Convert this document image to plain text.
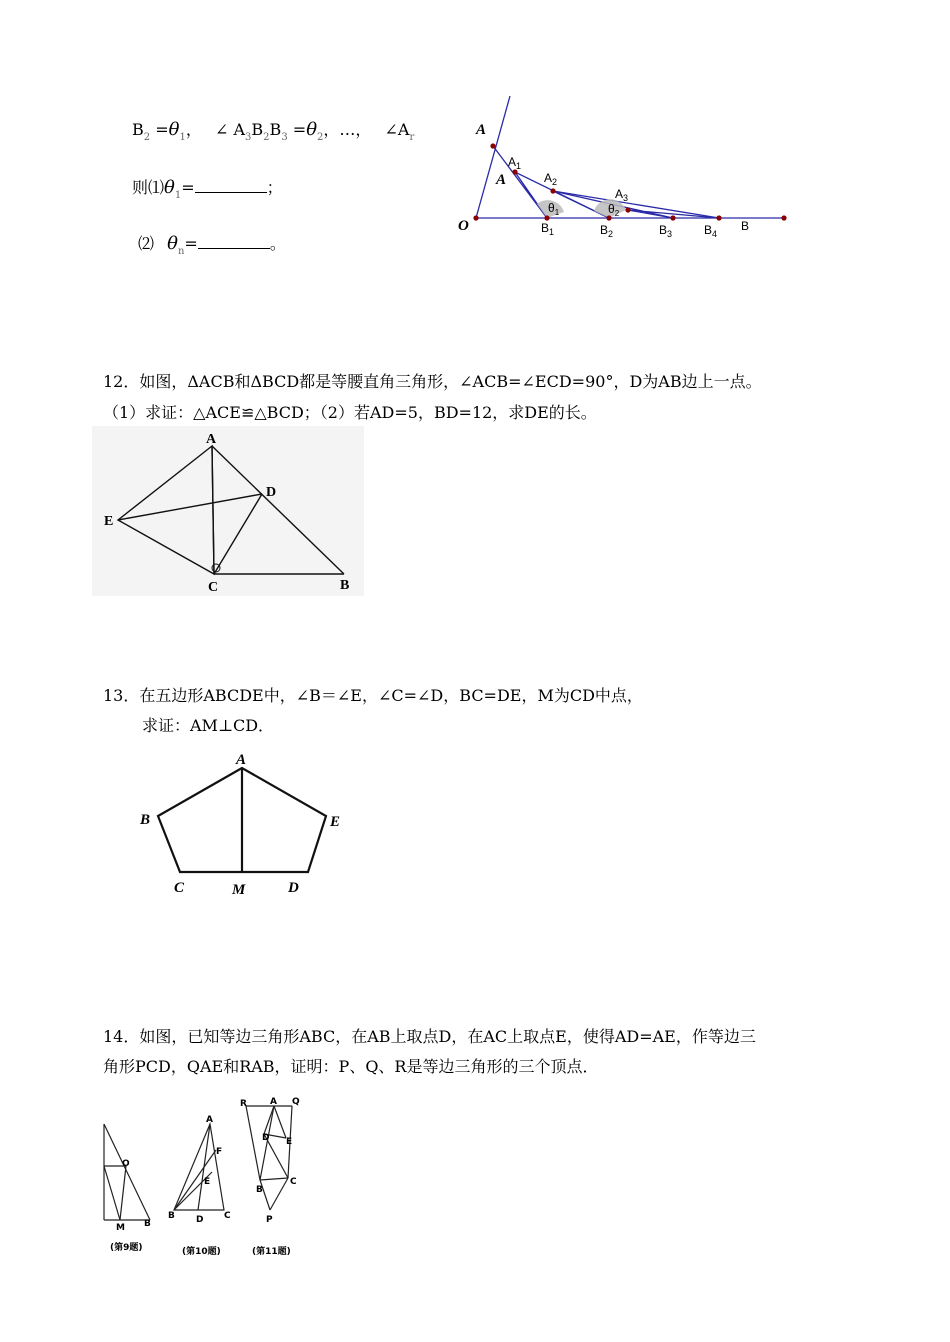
$B_2 =\theta_1$， ∠ $A_3B_2B_3 =\theta_2$，…， $\angle A_r$
则$⑴\theta_1=$	；
⑵ $\theta_n=$	。
A
A
$A_1$
$A_2$
$A_3$
O	$B_1$	$B_2$	$B_3$	$B_4$
B
$\theta_1$	$\theta_2$
12．如图，ΔACB和ΔBCD都是等腰直角三角形，∠ACB=∠ECD=90°，D为AB边上一点。
（1）求证：△ACE≌△BCD；（2）若AD=5，BD=12，求DE的长。
A
D
E
C	B
13．在五边形ABCDE中，∠B＝∠E，∠C=∠D，BC=DE，M为CD中点，
求证：AM⊥CD．
A
B	E
C	M	D
14．如图，已知等边三角形ABC，在AB上取点D，在AC上取点E，使得AD=AE，作等边三
角形PCD，QAE和RAB，证明：P、Q、R是等边三角形的三个顶点．
O
M B
(第9题)
A
F
E
B D C
(第10题)
R	A Q
D E
B
C
P
(第11题)
